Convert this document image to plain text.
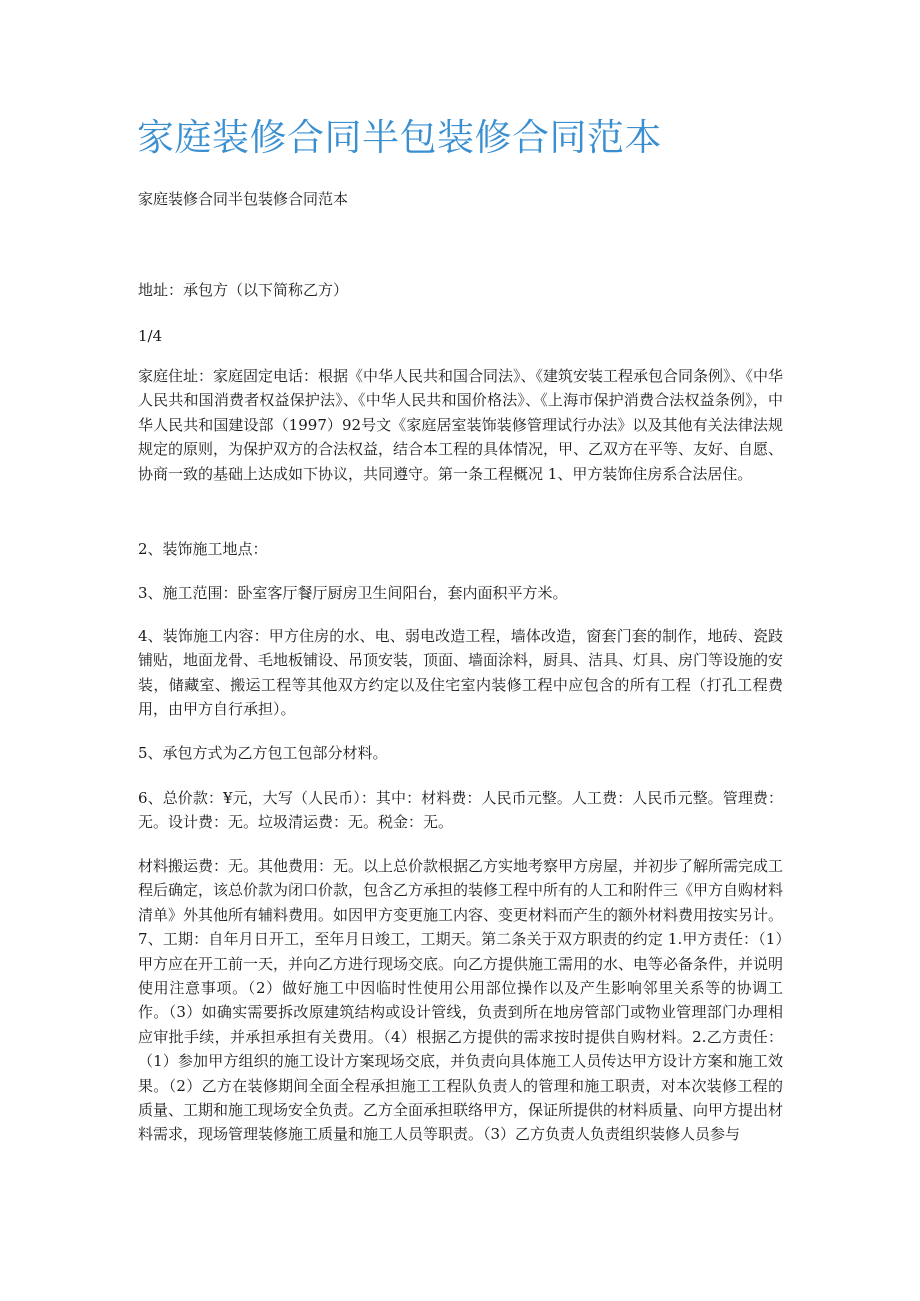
家庭装修合同半包装修合同范本

家庭装修合同半包装修合同范本

地址：承包方（以下简称乙方）

1/4

家庭住址：家庭固定电话：根据《中华人民共和国合同法》、《建筑安装工程承包合同条例》、《中华人民共和国消费者权益保护法》、《中华人民共和国价格法》、《上海市保护消费合法权益条例》，中华人民共和国建设部（1997）92号文《家庭居室装饰装修管理试行办法》以及其他有关法律法规规定的原则，为保护双方的合法权益，结合本工程的具体情况，甲、乙双方在平等、友好、自愿、协商一致的基础上达成如下协议，共同遵守。第一条工程概况 1、甲方装饰住房系合法居住。

2、装饰施工地点：

3、施工范围：卧室客厅餐厅厨房卫生间阳台，套内面积平方米。

4、装饰施工内容：甲方住房的水、电、弱电改造工程，墙体改造，窗套门套的制作，地砖、瓷跂铺贴，地面龙骨、毛地板铺设、吊顶安装，顶面、墙面涂料，厨具、洁具、灯具、房门等设施的安装，储藏室、搬运工程等其他双方约定以及住宅室内装修工程中应包含的所有工程（打孔工程费用，由甲方自行承担）。

5、承包方式为乙方包工包部分材料。

6、总价款：¥元，大写（人民币）：其中：材料费：人民币元整。人工费：人民币元整。管理费：无。设计费：无。垃圾清运费：无。税金：无。

材料搬运费：无。其他费用：无。以上总价款根据乙方实地考察甲方房屋，并初步了解所需完成工程后确定，该总价款为闭口价款，包含乙方承担的装修工程中所有的人工和附件三《甲方自购材料清单》外其他所有辅料费用。如因甲方变更施工内容、变更材料而产生的额外材料费用按实另计。7、工期：自年月日开工，至年月日竣工，工期天。第二条关于双方职责的约定 1.甲方责任：（1）甲方应在开工前一天，并向乙方进行现场交底。向乙方提供施工需用的水、电等必备条件，并说明使用注意事项。（2）做好施工中因临时性使用公用部位操作以及产生影响邻里关系等的协调工作。（3）如确实需要拆改原建筑结构或设计管线，负责到所在地房管部门或物业管理部门办理相应审批手续，并承担承担有关费用。（4）根据乙方提供的需求按时提供自购材料。2.乙方责任：（1）参加甲方组织的施工设计方案现场交底，并负责向具体施工人员传达甲方设计方案和施工效果。（2）乙方在装修期间全面全程承担施工工程队负责人的管理和施工职责，对本次装修工程的质量、工期和施工现场安全负责。乙方全面承担联络甲方，保证所提供的材料质量、向甲方提出材料需求，现场管理装修施工质量和施工人员等职责。（3）乙方负责人负责组织装修人员参与
